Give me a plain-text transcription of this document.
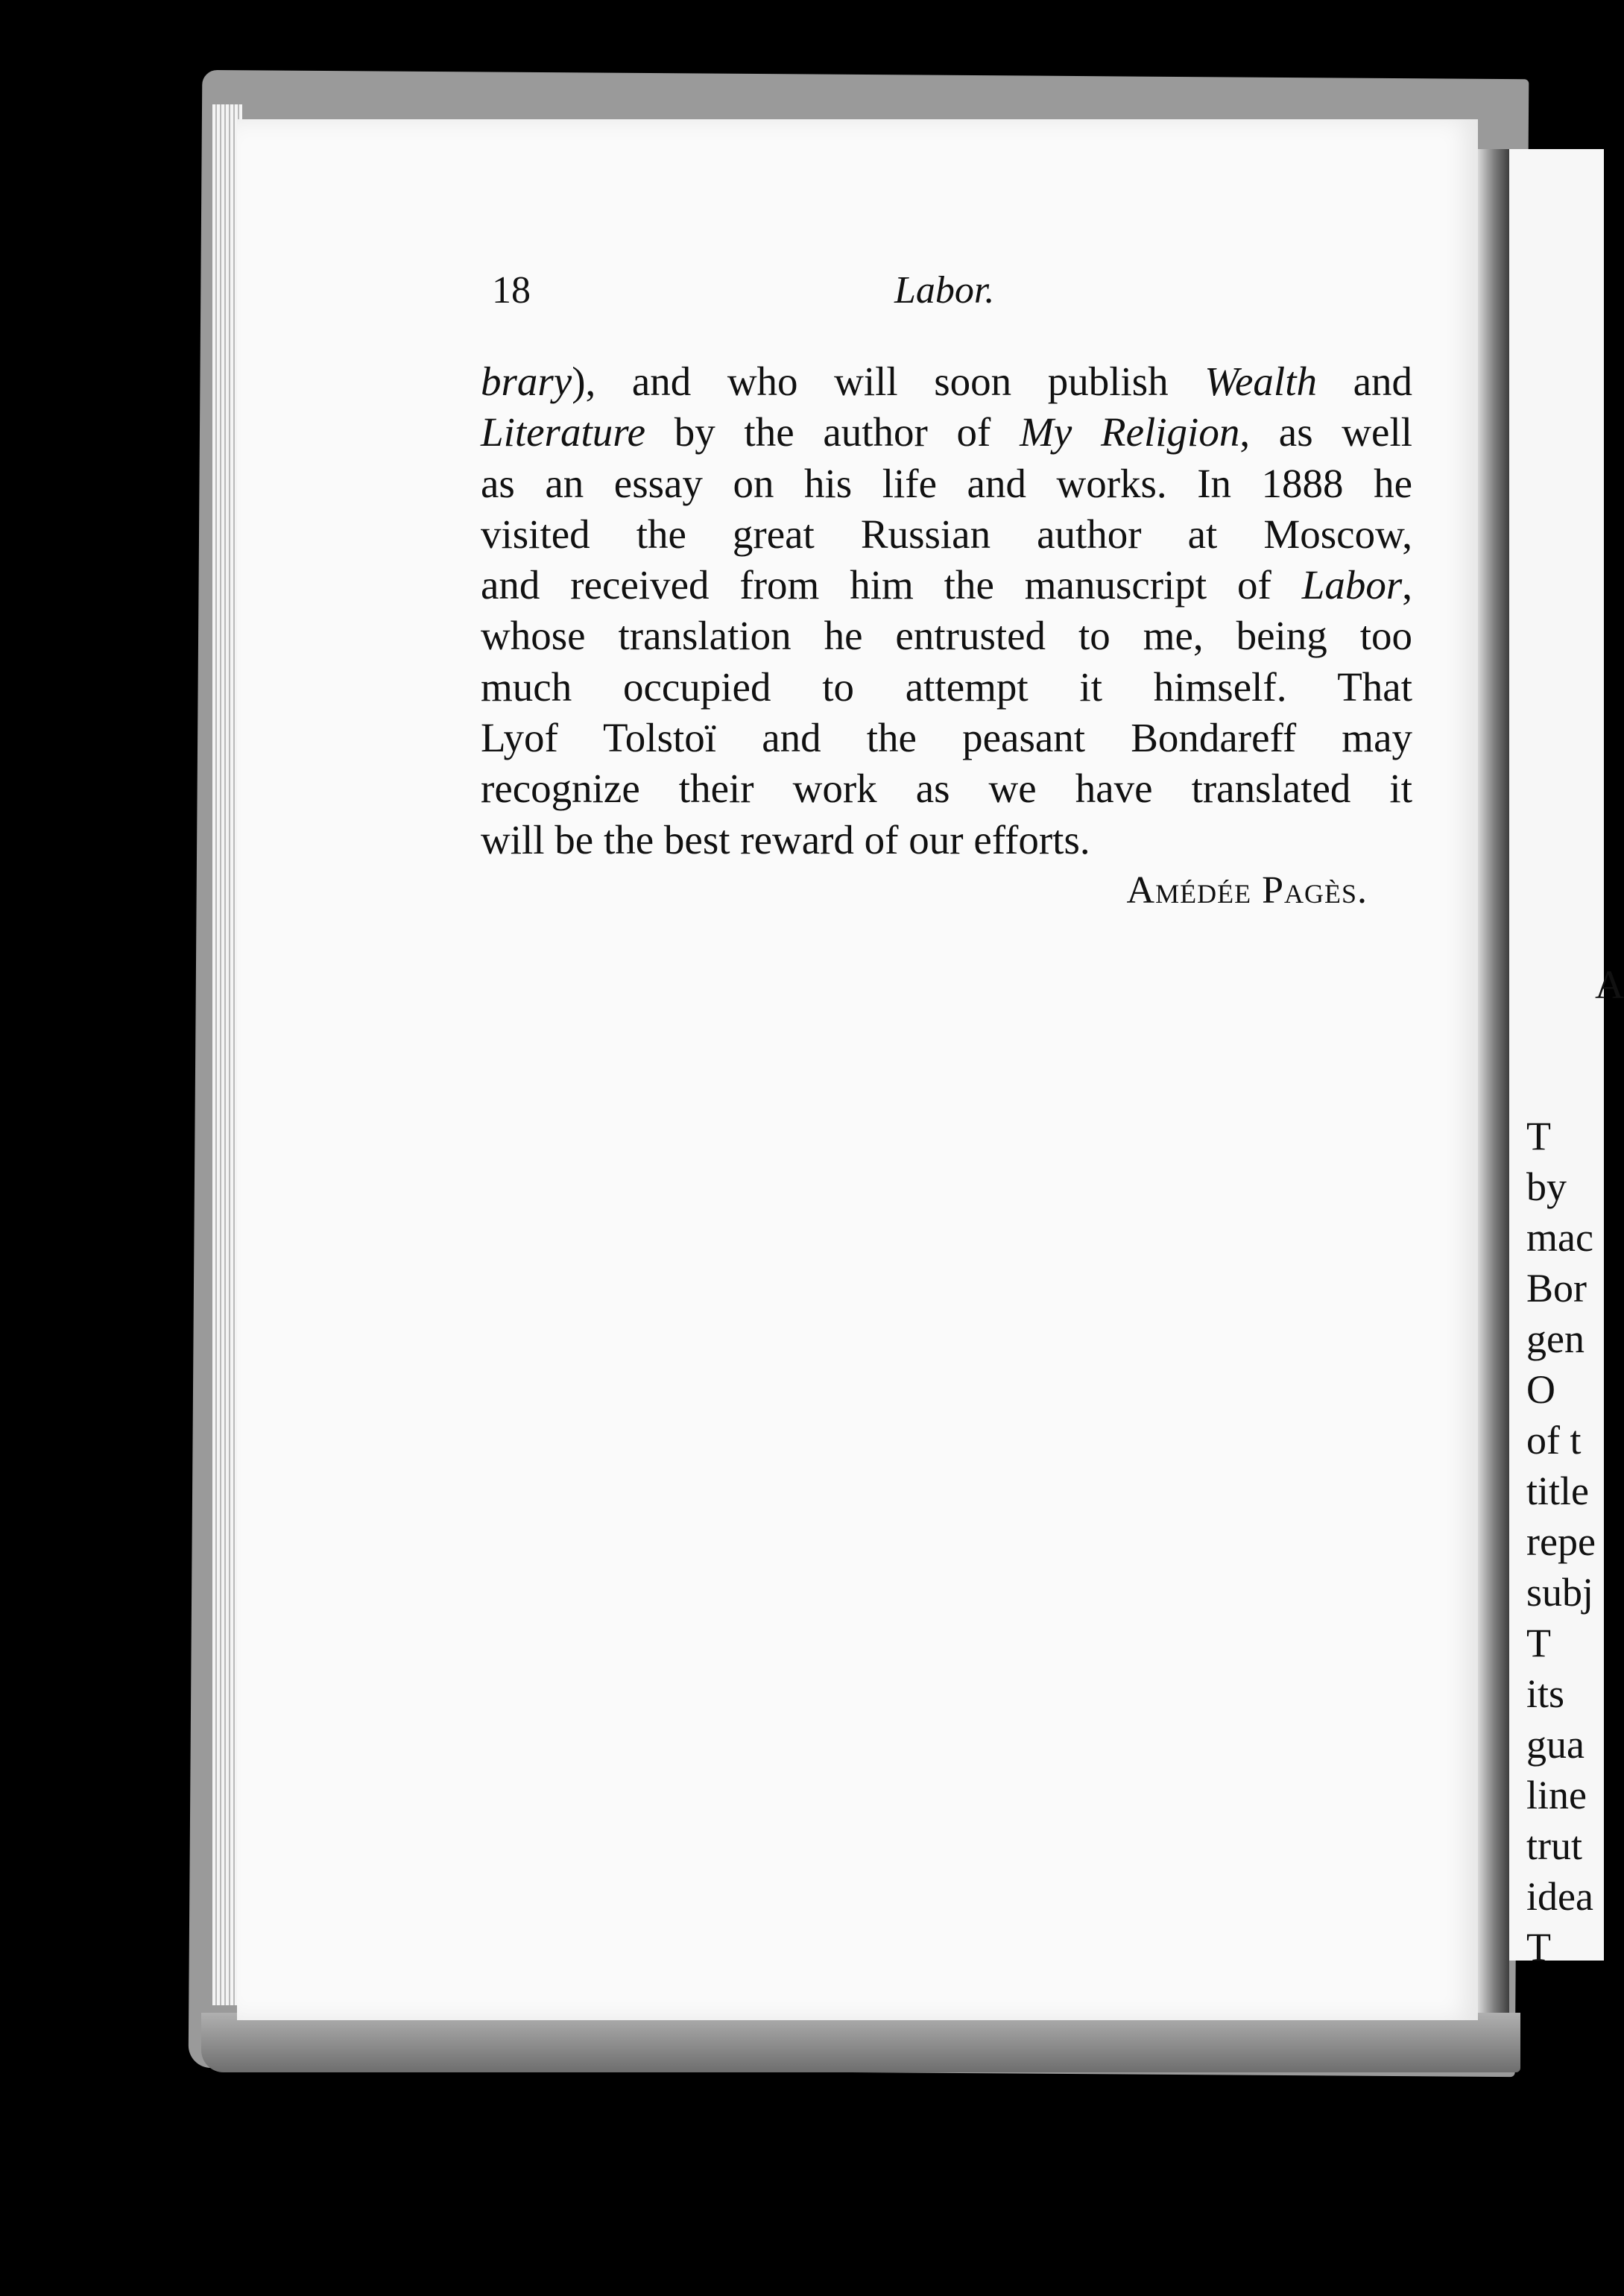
18	Labor.
brary), and who will soon publish Wealth and
Literature by the author of My Religion, as well
as an essay on his life and works. In 1888 he
visited the great Russian author at Moscow,
and received from him the manuscript of Labor,
whose translation he entrusted to me, being too
much occupied to attempt it himself. That
Lyof Tolstoï and the peasant Bondareff may
recognize their work as we have translated it
will be the best reward of our efforts.
Amédée Pagès.
A
T
by
mac
Bor
gen
O
of t
title
repe
subj
T
its
gua
line
trut
idea
T
